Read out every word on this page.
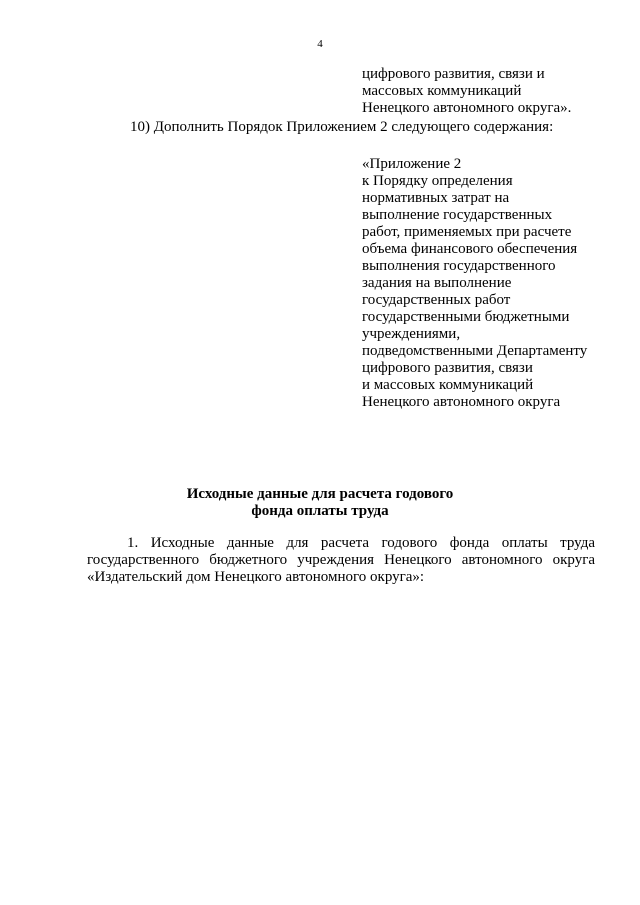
4
цифрового развития, связи и
массовых коммуникаций
Ненецкого автономного округа».
10) Дополнить Порядок Приложением 2 следующего содержания:
«Приложение 2
к Порядку определения
нормативных затрат на
выполнение государственных
работ, применяемых при расчете
объема финансового обеспечения
выполнения государственного
задания на выполнение
государственных работ
государственными бюджетными
учреждениями,
подведомственными Департаменту
цифрового развития, связи
и массовых коммуникаций
Ненецкого автономного округа
Исходные данные для расчета годового
фонда оплаты труда
1. Исходные данные для расчета годового фонда оплаты труда
государственного бюджетного учреждения Ненецкого автономного округа
«Издательский дом Ненецкого автономного округа»:
